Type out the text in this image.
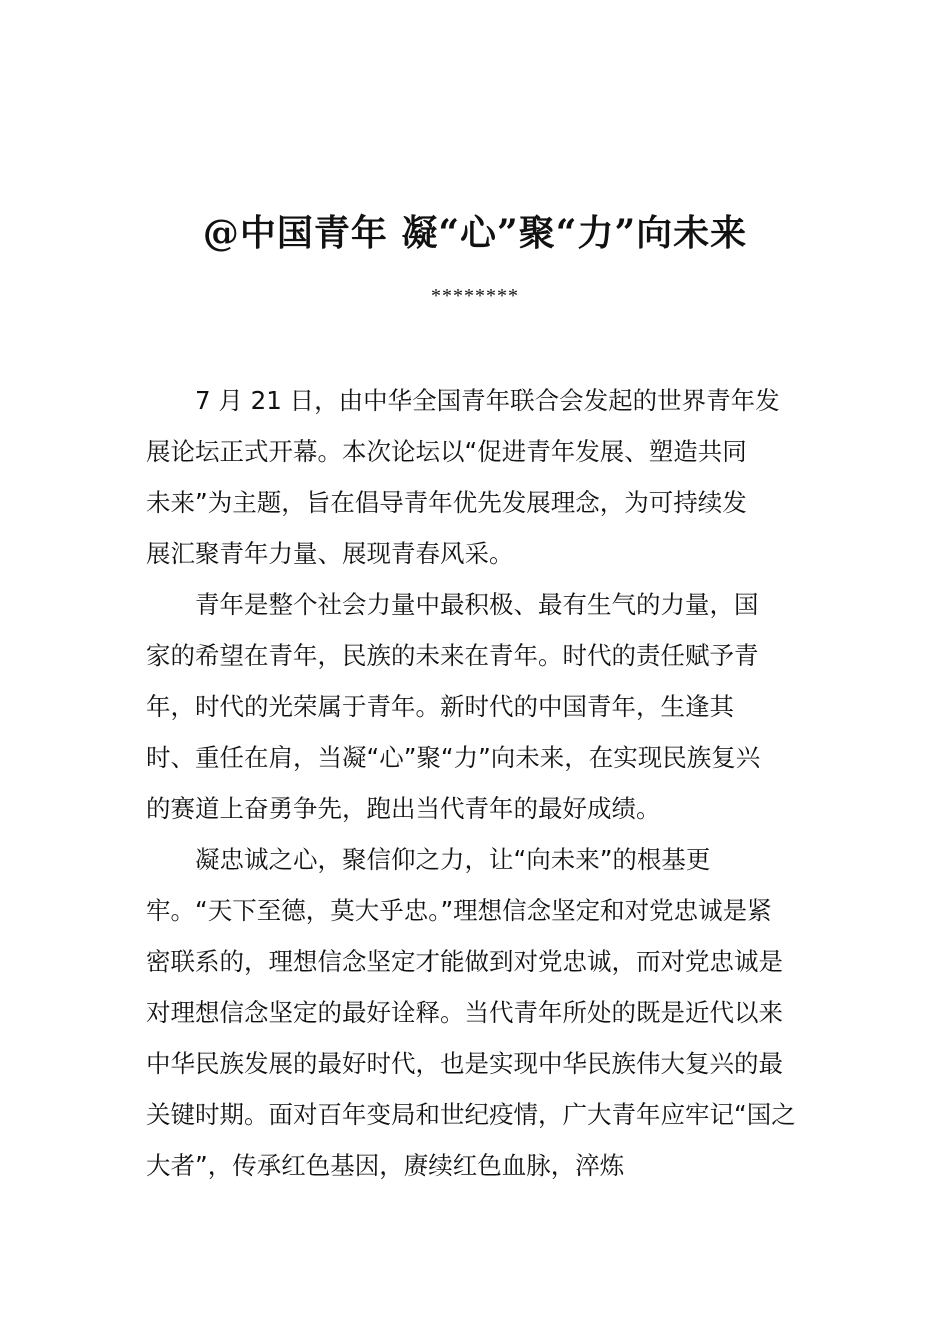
@中国青年 凝“心”聚“力”向未来
********
7 月 21 日，由中华全国青年联合会发起的世界青年发
展论坛正式开幕。本次论坛以“促进青年发展、塑造共同
未来”为主题，旨在倡导青年优先发展理念，为可持续发
展汇聚青年力量、展现青春风采。
青年是整个社会力量中最积极、最有生气的力量，国
家的希望在青年，民族的未来在青年。时代的责任赋予青
年，时代的光荣属于青年。新时代的中国青年，生逢其
时、重任在肩，当凝“心”聚“力”向未来，在实现民族复兴
的赛道上奋勇争先，跑出当代青年的最好成绩。
凝忠诚之心，聚信仰之力，让“向未来”的根基更
牢。“天下至德，莫大乎忠。”理想信念坚定和对党忠诚是紧
密联系的，理想信念坚定才能做到对党忠诚，而对党忠诚是
对理想信念坚定的最好诠释。当代青年所处的既是近代以来
中华民族发展的最好时代，也是实现中华民族伟大复兴的最
关键时期。面对百年变局和世纪疫情，广大青年应牢记“国之
大者”，传承红色基因，赓续红色血脉，淬炼
